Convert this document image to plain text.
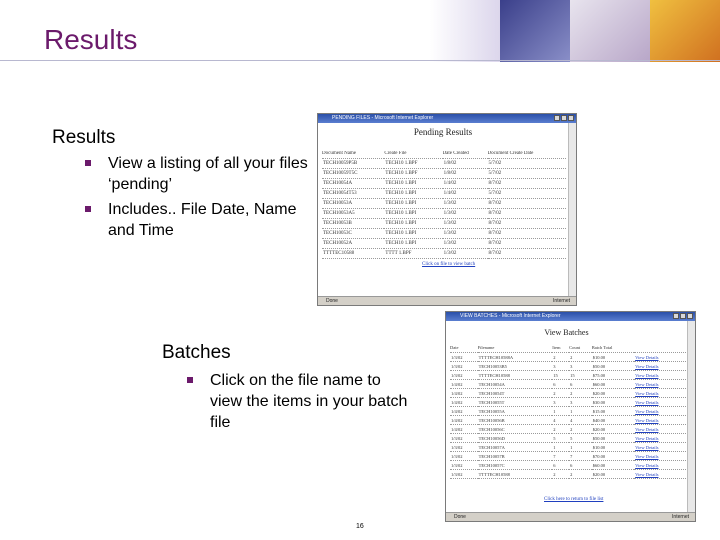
Results
Results
View a listing of all your files ‘pending’
Includes.. File Date, Name and Time
Batches
Click on the file name to view the items in your batch file
PENDING FILES - Microsoft Internet Explorer
Pending Results
Document Name	Create File	Date Created	Document Create Date
TECH10059P5B	TECH10 1.BPF	1/8/02	5/7/02
TECH10059T5C	TECH10 1.BPF	1/8/02	5/7/02
TECH10054A	TECH10 1.BPI	1/4/02	8/7/02
TECH10054T53	TECH10 1.BPI	1/4/02	5/7/02
TECH10053A	TECH10 1.BPI	1/3/02	8/7/02
TECH10053A5	TECH10 1.BPI	1/3/02	8/7/02
TECH10053B	TECH10 1.BPI	1/3/02	8/7/02
TECH10053C	TECH10 1.BPI	1/3/02	8/7/02
TECH10052A	TECH10 1.BPI	1/3/02	8/7/02
TTTTEC10588	TTTT 1.BPF	1/3/02	8/7/02
Click on file to view batch
Done	Internet
VIEW BATCHES - Microsoft Internet Explorer
View Batches
Date	Filename	Item	Count	Batch Total	
1/3/02	TTTTECH10588A	2	2	$10.00	View Details
1/3/02	TECH10053B5	3	3	$50.00	View Details
1/3/02	TTTTECH10588	15	15	$75.00	View Details
1/4/02	TECH10054A	6	6	$60.00	View Details
1/4/02	TECH10054T	2	2	$20.00	View Details
1/4/02	TECH10055T	3	3	$30.00	View Details
1/4/02	TECH10055A	1	1	$15.00	View Details
1/4/02	TECH10056B	4	4	$40.00	View Details
1/4/02	TECH10056C	2	2	$20.00	View Details
1/3/02	TECH10056D	5	5	$50.00	View Details
1/3/02	TECH10057A	1	1	$10.00	View Details
1/3/02	TECH10057B	7	7	$70.00	View Details
1/3/02	TECH10057C	6	6	$60.00	View Details
1/3/02	TTTTECH10588	2	2	$20.00	View Details
Click here to return to file list
Done	Internet
16
